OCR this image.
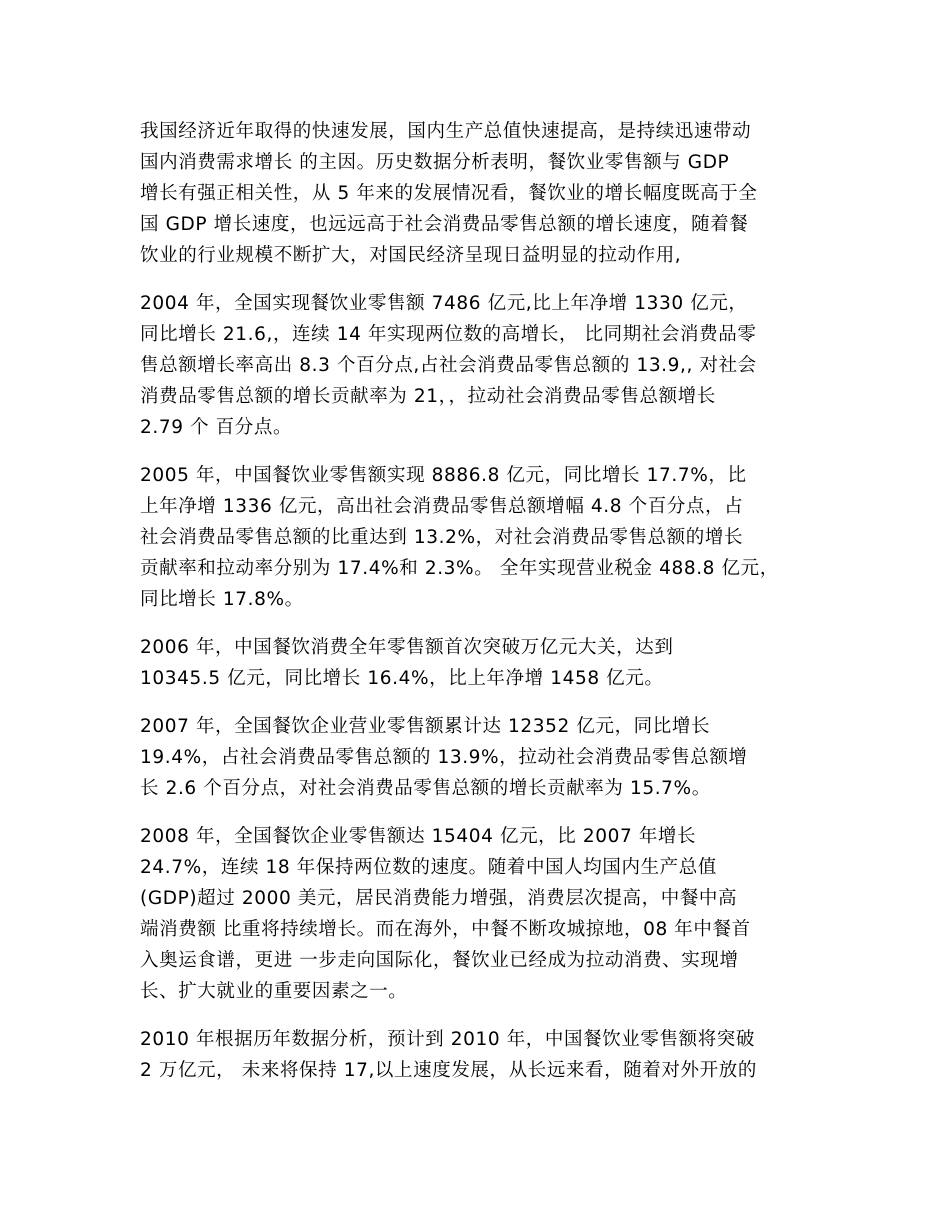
我国经济近年取得的快速发展，国内生产总值快速提高，是持续迅速带动
国内消费需求增长 的主因。历史数据分析表明，餐饮业零售额与 GDP
增长有强正相关性，从 5 年来的发展情况看，餐饮业的增长幅度既高于全
国 GDP 增长速度，也远远高于社会消费品零售总额的增长速度，随着餐
饮业的行业规模不断扩大，对国民经济呈现日益明显的拉动作用,
2004 年，全国实现餐饮业零售额 7486 亿元,比上年净增 1330 亿元，
同比增长 21.6,，连续 14 年实现两位数的高增长， 比同期社会消费品零
售总额增长率高出 8.3 个百分点,占社会消费品零售总额的 13.9,, 对社会
消费品零售总额的增长贡献率为 21，，拉动社会消费品零售总额增长
2.79 个 百分点。
2005 年，中国餐饮业零售额实现 8886.8 亿元，同比增长 17.7%，比
上年净增 1336 亿元，高出社会消费品零售总额增幅 4.8 个百分点，占
社会消费品零售总额的比重达到 13.2%，对社会消费品零售总额的增长
贡献率和拉动率分别为 17.4%和 2.3%。 全年实现营业税金 488.8 亿元，
同比增长 17.8%。
2006 年，中国餐饮消费全年零售额首次突破万亿元大关，达到
10345.5 亿元，同比增长 16.4%，比上年净增 1458 亿元。
2007 年，全国餐饮企业营业零售额累计达 12352 亿元，同比增长
19.4%，占社会消费品零售总额的 13.9%，拉动社会消费品零售总额增
长 2.6 个百分点，对社会消费品零售总额的增长贡献率为 15.7%。
2008 年，全国餐饮企业零售额达 15404 亿元，比 2007 年增长
24.7%，连续 18 年保持两位数的速度。随着中国人均国内生产总值
(GDP)超过 2000 美元，居民消费能力增强，消费层次提高，中餐中高
端消费额 比重将持续增长。而在海外，中餐不断攻城掠地，08 年中餐首
入奥运食谱，更进 一步走向国际化，餐饮业已经成为拉动消费、实现增
长、扩大就业的重要因素之一。
2010 年根据历年数据分析，预计到 2010 年，中国餐饮业零售额将突破
2 万亿元， 未来将保持 17,以上速度发展，从长远来看，随着对外开放的
